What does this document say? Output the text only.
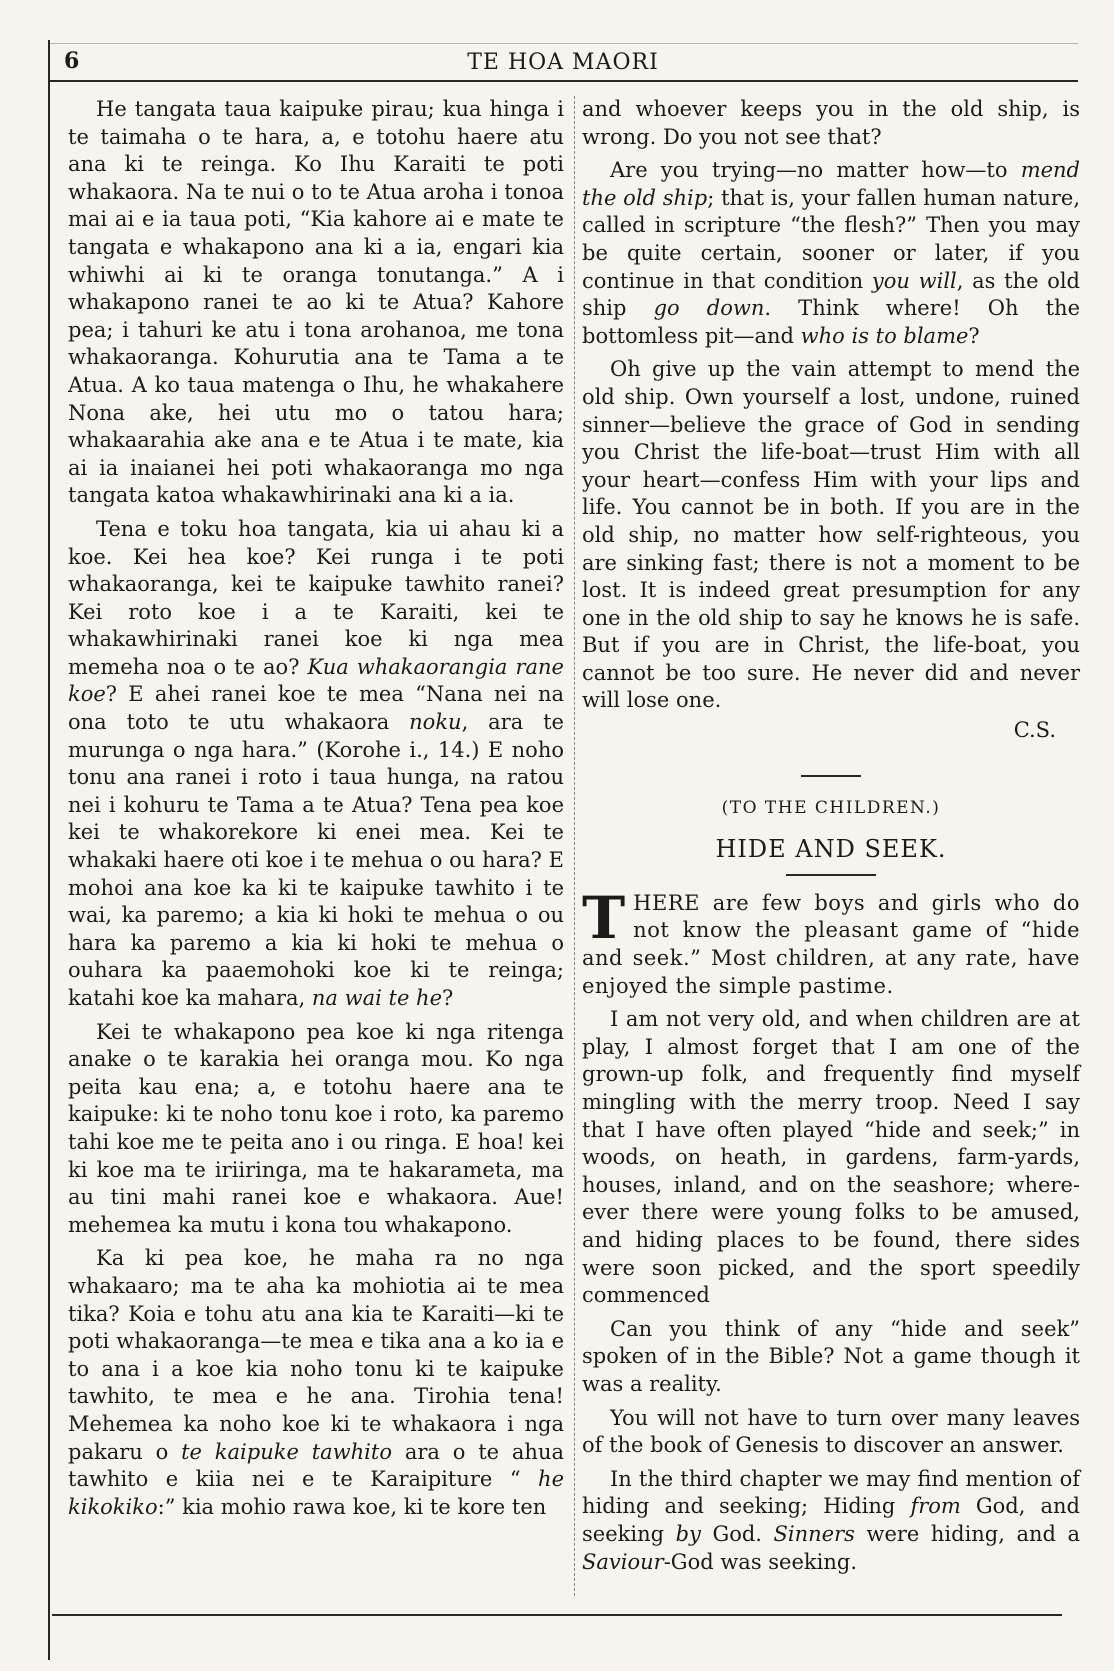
6	TE HOA MAORI

He tangata taua kaipuke pirau; kua hinga i te taimaha o te hara, a, e totohu haere atu ana ki te reinga. Ko Ihu Karaiti te poti whakaora. Na te nui o to te Atua aroha i tonoa mai ai e ia taua poti, “Kia kahore ai e mate te tangata e whakapono ana ki a ia, engari kia whiwhi ai ki te oranga tonutanga.” A i whakapono ranei te ao ki te Atua? Kahore pea; i tahuri ke atu i tona arohanoa, me tona whakaoranga. Kohurutia ana te Tama a te Atua. A ko taua matenga o Ihu, he whakahere Nona ake, hei utu mo o tatou hara; whakaarahia ake ana e te Atua i te mate, kia ai ia inaianei hei poti whakaoranga mo nga tangata katoa whakawhirinaki ana ki a ia.

Tena e toku hoa tangata, kia ui ahau ki a koe. Kei hea koe? Kei runga i te poti whakaoranga, kei te kaipuke tawhito ranei? Kei roto koe i a te Karaiti, kei te whakawhirinaki ranei koe ki nga mea memeha noa o te ao? Kua whakaorangia rane koe? E ahei ranei koe te mea “Nana nei na ona toto te utu whakaora noku, ara te murunga o nga hara.” (Korohe i., 14.) E noho tonu ana ranei i roto i taua hunga, na ratou nei i kohuru te Tama a te Atua? Tena pea koe kei te whakorekore ki enei mea. Kei te whakaki haere oti koe i te mehua o ou hara? E mohoi ana koe ka ki te kaipuke tawhito i te wai, ka paremo; a kia ki hoki te mehua o ou hara ka paremo a kia ki hoki te mehua o ouhara ka paaemohoki koe ki te reinga; katahi koe ka mahara, na wai te he?

Kei te whakapono pea koe ki nga ritenga anake o te karakia hei oranga mou. Ko nga peita kau ena; a, e totohu haere ana te kaipuke: ki te noho tonu koe i roto, ka paremo tahi koe me te peita ano i ou ringa. E hoa! kei ki koe ma te iriiringa, ma te hakarameta, ma au tini mahi ranei koe e whakaora. Aue! mehemea ka mutu i kona tou whakapono.

Ka ki pea koe, he maha ra no nga whakaaro; ma te aha ka mohiotia ai te mea tika? Koia e tohu atu ana kia te Karaiti—ki te poti whakaoranga—te mea e tika ana a ko ia e to ana i a koe kia noho tonu ki te kaipuke tawhito, te mea e he ana. Tirohia tena! Mehemea ka noho koe ki te whakaora i nga pakaru o te kaipuke tawhito ara o te ahua tawhito e kiia nei e te Karaipiture “ he kikokiko:” kia mohio rawa koe, ki te kore ten

and whoever keeps you in the old ship, is wrong. Do you not see that?

Are you trying—no matter how—to mend the old ship; that is, your fallen human nature, called in scripture “the flesh?” Then you may be quite certain, sooner or later, if you continue in that condition you will, as the old ship go down. Think where! Oh the bottomless pit—and who is to blame?

Oh give up the vain attempt to mend the old ship. Own yourself a lost, undone, ruined sinner—believe the grace of God in sending you Christ the life-boat—trust Him with all your heart—confess Him with your lips and life. You cannot be in both. If you are in the old ship, no matter how self-righteous, you are sinking fast; there is not a moment to be lost. It is indeed great presumption for any one in the old ship to say he knows he is safe. But if you are in Christ, the life-boat, you cannot be too sure. He never did and never will lose one.

C.S.
(TO THE CHILDREN.)
HIDE AND SEEK.

THERE are few boys and girls who do not know the pleasant game of “hide and seek.” Most children, at any rate, have enjoyed the simple pastime.

I am not very old, and when children are at play, I almost forget that I am one of the grown-up folk, and frequently find myself mingling with the merry troop. Need I say that I have often played “hide and seek;” in woods, on heath, in gardens, farm-yards, houses, inland, and on the seashore; where-ever there were young folks to be amused, and hiding places to be found, there sides were soon picked, and the sport speedily commenced

Can you think of any “hide and seek” spoken of in the Bible? Not a game though it was a reality.

You will not have to turn over many leaves of the book of Genesis to discover an answer.

In the third chapter we may find mention of hiding and seeking; Hiding from God, and seeking by God. Sinners were hiding, and a Saviour-God was seeking.
